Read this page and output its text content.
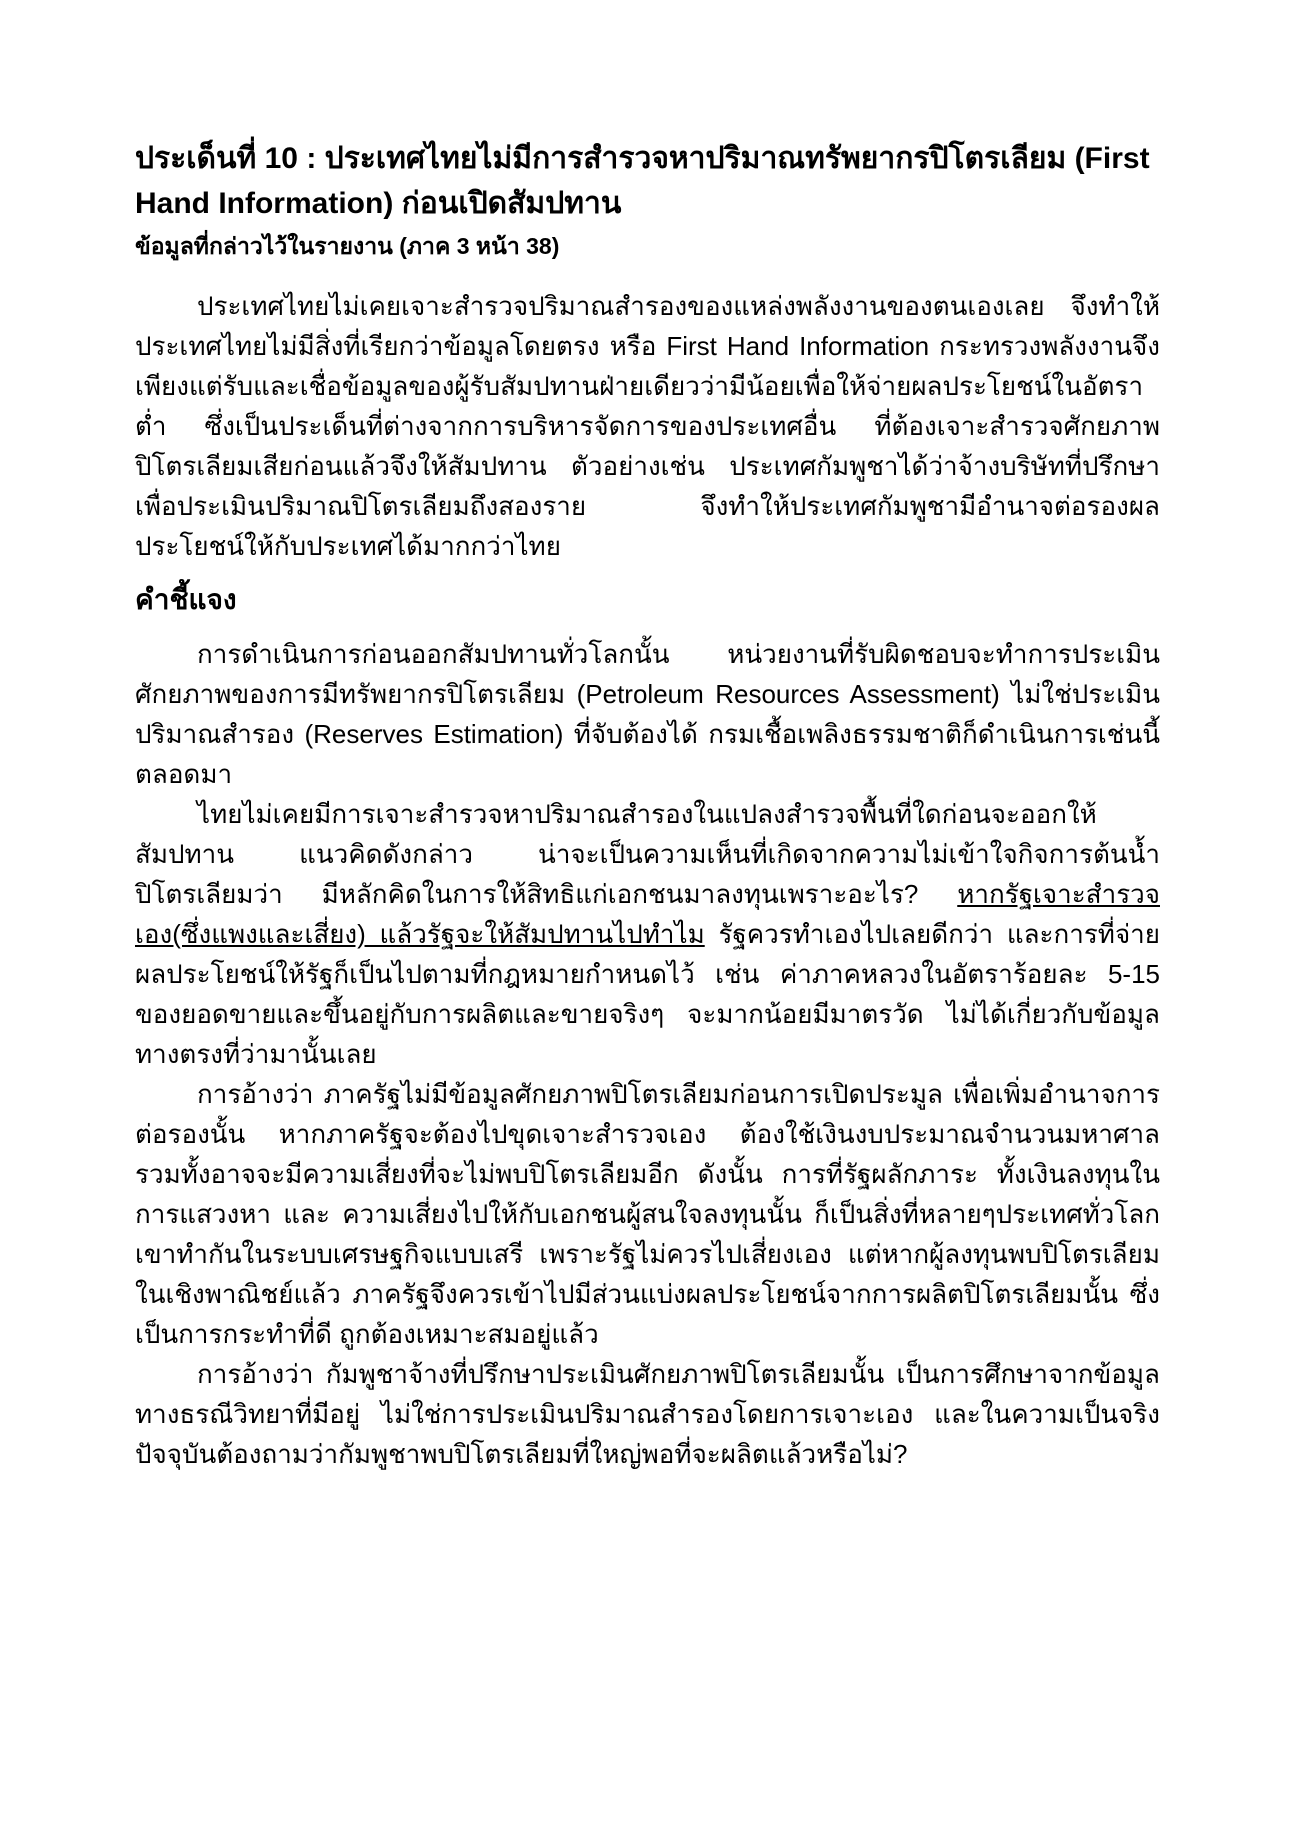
ประเด็นที่ 10 : ประเทศไทยไม่มีการสำรวจหาปริมาณทรัพยากรปิโตรเลียม (First Hand Information) ก่อนเปิดสัมปทาน
ข้อมูลที่กล่าวไว้ในรายงาน (ภาค 3 หน้า 38)

ประเทศไทยไม่เคยเจาะสำรวจปริมาณสำรองของแหล่งพลังงานของตนเองเลย จึงทำให้ประเทศไทยไม่มีสิ่งที่เรียกว่าข้อมูลโดยตรง หรือ First Hand Information กระทรวงพลังงานจึงเพียงแต่รับและเชื่อข้อมูลของผู้รับสัมปทานฝ่ายเดียวว่ามีน้อยเพื่อให้จ่ายผลประโยชน์ในอัตราต่ำ ซึ่งเป็นประเด็นที่ต่างจากการบริหารจัดการของประเทศอื่น ที่ต้องเจาะสำรวจศักยภาพปิโตรเลียมเสียก่อนแล้วจึงให้สัมปทาน ตัวอย่างเช่น ประเทศกัมพูชาได้ว่าจ้างบริษัทที่ปรึกษาเพื่อประเมินปริมาณปิโตรเลียมถึงสองราย จึงทำให้ประเทศกัมพูชามีอำนาจต่อรองผลประโยชน์ให้กับประเทศได้มากกว่าไทย

คำชี้แจง

การดำเนินการก่อนออกสัมปทานทั่วโลกนั้น หน่วยงานที่รับผิดชอบจะทำการประเมินศักยภาพของการมีทรัพยากรปิโตรเลียม (Petroleum Resources Assessment) ไม่ใช่ประเมินปริมาณสำรอง (Reserves Estimation) ที่จับต้องได้ กรมเชื้อเพลิงธรรมชาติก็ดำเนินการเช่นนี้ตลอดมา

ไทยไม่เคยมีการเจาะสำรวจหาปริมาณสำรองในแปลงสำรวจพื้นที่ใดก่อนจะออกให้สัมปทาน แนวคิดดังกล่าว น่าจะเป็นความเห็นที่เกิดจากความไม่เข้าใจกิจการต้นน้ำปิโตรเลียมว่า มีหลักคิดในการให้สิทธิแก่เอกชนมาลงทุนเพราะอะไร? หากรัฐเจาะสำรวจเอง(ซึ่งแพงและเสี่ยง) แล้วรัฐจะให้สัมปทานไปทำไม รัฐควรทำเองไปเลยดีกว่า และการที่จ่ายผลประโยชน์ให้รัฐก็เป็นไปตามที่กฎหมายกำหนดไว้ เช่น ค่าภาคหลวงในอัตราร้อยละ 5-15 ของยอดขายและขึ้นอยู่กับการผลิตและขายจริงๆ จะมากน้อยมีมาตรวัด ไม่ได้เกี่ยวกับข้อมูลทางตรงที่ว่ามานั้นเลย

การอ้างว่า ภาครัฐไม่มีข้อมูลศักยภาพปิโตรเลียมก่อนการเปิดประมูล เพื่อเพิ่มอำนาจการต่อรองนั้น หากภาครัฐจะต้องไปขุดเจาะสำรวจเอง ต้องใช้เงินงบประมาณจำนวนมหาศาล รวมทั้งอาจจะมีความเสี่ยงที่จะไม่พบปิโตรเลียมอีก ดังนั้น การที่รัฐผลักภาระ ทั้งเงินลงทุนในการแสวงหา และ ความเสี่ยงไปให้กับเอกชนผู้สนใจลงทุนนั้น ก็เป็นสิ่งที่หลายๆประเทศทั่วโลกเขาทำกันในระบบเศรษฐกิจแบบเสรี เพราะรัฐไม่ควรไปเสี่ยงเอง แต่หากผู้ลงทุนพบปิโตรเลียมในเชิงพาณิชย์แล้ว ภาครัฐจึงควรเข้าไปมีส่วนแบ่งผลประโยชน์จากการผลิตปิโตรเลียมนั้น ซึ่งเป็นการกระทำที่ดี ถูกต้องเหมาะสมอยู่แล้ว

การอ้างว่า กัมพูชาจ้างที่ปรึกษาประเมินศักยภาพปิโตรเลียมนั้น เป็นการศึกษาจากข้อมูลทางธรณีวิทยาที่มีอยู่ ไม่ใช่การประเมินปริมาณสำรองโดยการเจาะเอง และในความเป็นจริง ปัจจุบันต้องถามว่ากัมพูชาพบปิโตรเลียมที่ใหญ่พอที่จะผลิตแล้วหรือไม่?
